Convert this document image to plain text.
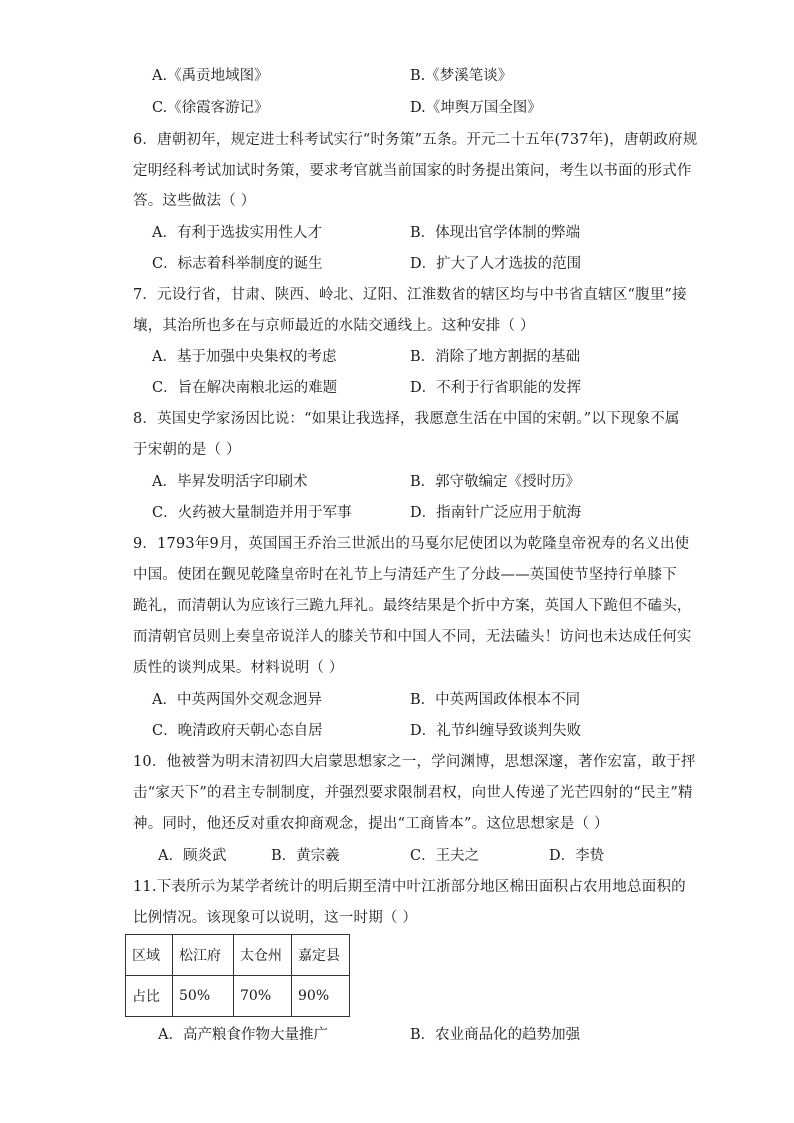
A.《禹贡地域图》	B.《梦溪笔谈》
C.《徐霞客游记》	D.《坤舆万国全图》
6．唐朝初年，规定进士科考试实行“时务策”五条。开元二十五年(737年)，唐朝政府规
定明经科考试加试时务策，要求考官就当前国家的时务提出策问，考生以书面的形式作
答。这些做法（ ）
A．有利于选拔实用性人才	B．体现出官学体制的弊端
C．标志着科举制度的诞生	D．扩大了人才选拔的范围
7．元设行省，甘肃、陕西、岭北、辽阳、江淮数省的辖区均与中书省直辖区“腹里”接
壤，其治所也多在与京师最近的水陆交通线上。这种安排（ ）
A．基于加强中央集权的考虑	B．消除了地方割据的基础
C．旨在解决南粮北运的难题	D．不利于行省职能的发挥
8．英国史学家汤因比说：“如果让我选择，我愿意生活在中国的宋朝。”以下现象不属
于宋朝的是（ ）
A．毕昇发明活字印刷术	B．郭守敬编定《授时历》
C．火药被大量制造并用于军事	D．指南针广泛应用于航海
9．1793年9月，英国国王乔治三世派出的马戛尔尼使团以为乾隆皇帝祝寿的名义出使
中国。使团在觐见乾隆皇帝时在礼节上与清廷产生了分歧——英国使节坚持行单膝下
跪礼，而清朝认为应该行三跪九拜礼。最终结果是个折中方案，英国人下跪但不磕头，
而清朝官员则上奏皇帝说洋人的膝关节和中国人不同，无法磕头！访问也未达成任何实
质性的谈判成果。材料说明（ ）
A．中英两国外交观念迥异	B．中英两国政体根本不同
C．晚清政府天朝心态自居	D．礼节纠缠导致谈判失败
10．他被誉为明末清初四大启蒙思想家之一，学问渊博，思想深邃，著作宏富，敢于抨
击“家天下”的君主专制制度，并强烈要求限制君权，向世人传递了光芒四射的“民主”精
神。同时，他还反对重农抑商观念，提出“工商皆本”。这位思想家是（ ）
A．顾炎武	B．黄宗羲	C．王夫之	D．李贽
11.下表所示为某学者统计的明后期至清中叶江浙部分地区棉田面积占农用地总面积的
比例情况。该现象可以说明，这一时期（ ）
区域	松江府	太仓州	嘉定县
占比	50%	70%	90%
A．高产粮食作物大量推广	B．农业商品化的趋势加强
